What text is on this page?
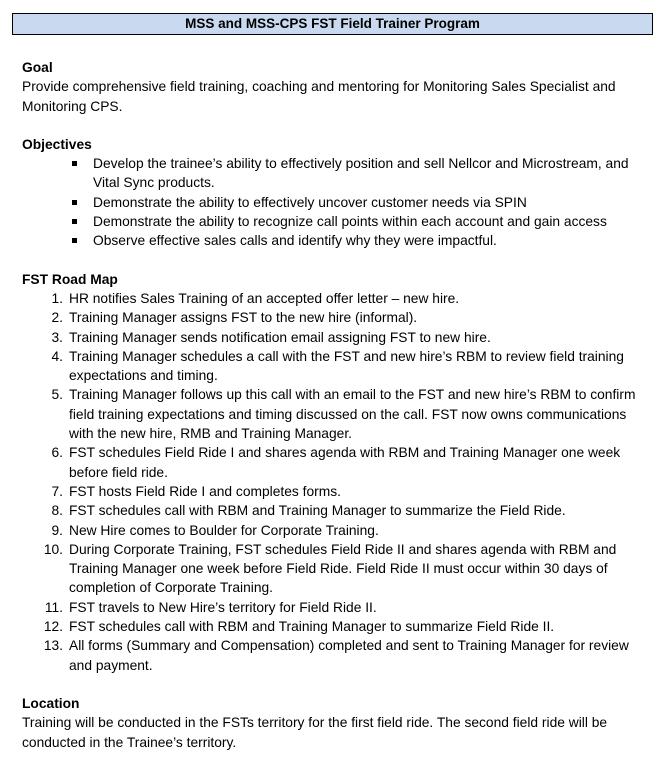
MSS and MSS-CPS FST Field Trainer Program
Goal

Provide comprehensive field training, coaching and mentoring for Monitoring Sales Specialist and Monitoring CPS.

Objectives
Develop the trainee’s ability to effectively position and sell Nellcor and Microstream, and Vital Sync products.
Demonstrate the ability to effectively uncover customer needs via SPIN
Demonstrate the ability to recognize call points within each account and gain access
Observe effective sales calls and identify why they were impactful.
FST Road Map
1. HR notifies Sales Training of an accepted offer letter – new hire.
2. Training Manager assigns FST to the new hire (informal).
3. Training Manager sends notification email assigning FST to new hire.
4. Training Manager schedules a call with the FST and new hire’s RBM to review field training expectations and timing.
5. Training Manager follows up this call with an email to the FST and new hire’s RBM to confirm field training expectations and timing discussed on the call. FST now owns communications with the new hire, RMB and Training Manager.
6. FST schedules Field Ride I and shares agenda with RBM and Training Manager one week before field ride.
7. FST hosts Field Ride I and completes forms.
8. FST schedules call with RBM and Training Manager to summarize the Field Ride.
9. New Hire comes to Boulder for Corporate Training.
10. During Corporate Training, FST schedules Field Ride II and shares agenda with RBM and Training Manager one week before Field Ride. Field Ride II must occur within 30 days of completion of Corporate Training.
11. FST travels to New Hire’s territory for Field Ride II.
12. FST schedules call with RBM and Training Manager to summarize Field Ride II.
13. All forms (Summary and Compensation) completed and sent to Training Manager for review and payment.
Location

Training will be conducted in the FSTs territory for the first field ride. The second field ride will be conducted in the Trainee’s territory.
